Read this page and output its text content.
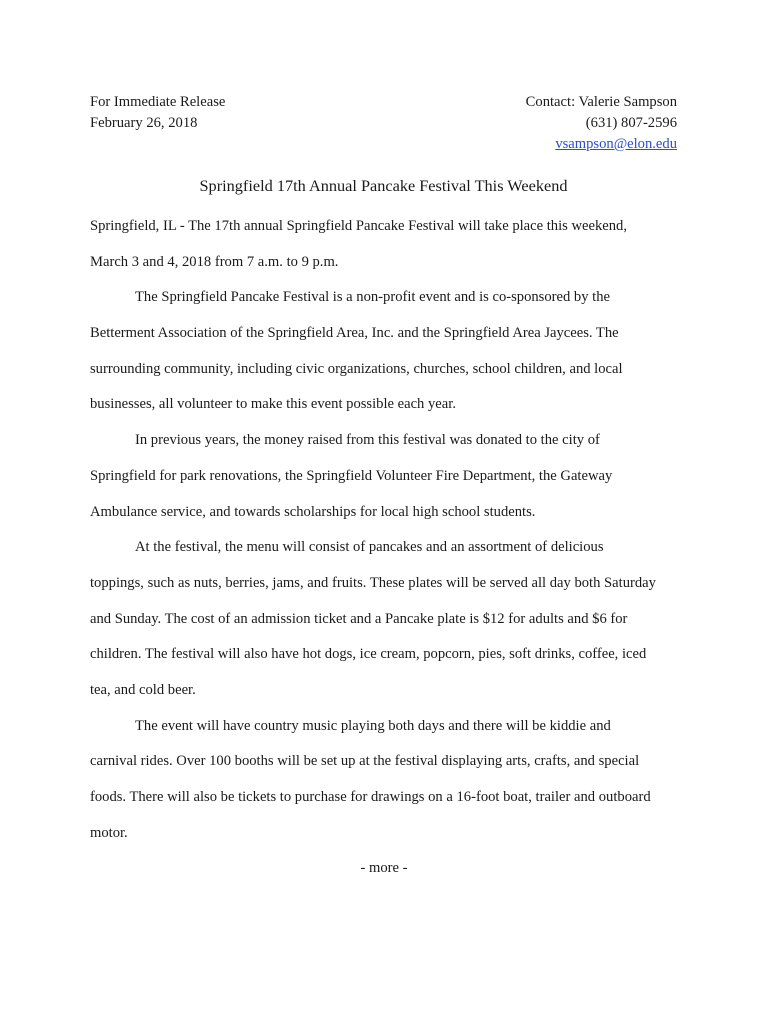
For Immediate Release
February 26, 2018
Contact: Valerie Sampson
(631) 807-2596
vsampson@elon.edu
Springfield 17th Annual Pancake Festival This Weekend
Springfield, IL - The 17th annual Springfield Pancake Festival will take place this weekend,
March 3 and 4, 2018 from 7 a.m. to 9 p.m.
The Springfield Pancake Festival is a non-profit event and is co-sponsored by the
Betterment Association of the Springfield Area, Inc. and the Springfield Area Jaycees. The
surrounding community, including civic organizations, churches, school children, and local
businesses, all volunteer to make this event possible each year.
In previous years, the money raised from this festival was donated to the city of
Springfield for park renovations, the Springfield Volunteer Fire Department, the Gateway
Ambulance service, and towards scholarships for local high school students.
At the festival, the menu will consist of pancakes and an assortment of delicious
toppings, such as nuts, berries, jams, and fruits. These plates will be served all day both Saturday
and Sunday. The cost of an admission ticket and a Pancake plate is $12 for adults and $6 for
children. The festival will also have hot dogs, ice cream, popcorn, pies, soft drinks, coffee, iced
tea, and cold beer.
The event will have country music playing both days and there will be kiddie and
carnival rides. Over 100 booths will be set up at the festival displaying arts, crafts, and special
foods. There will also be tickets to purchase for drawings on a 16-foot boat, trailer and outboard
motor.
- more -
